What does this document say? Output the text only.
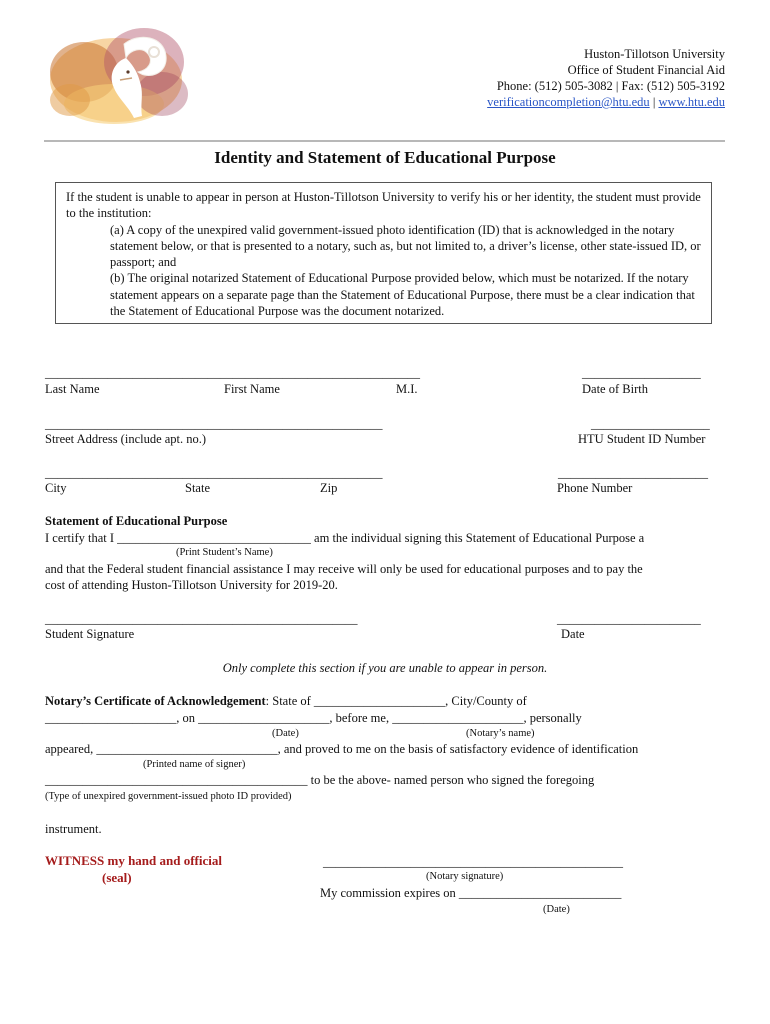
Huston-Tillotson University
Office of Student Financial Aid
Phone: (512) 505-3082 | Fax: (512) 505-3192
verificationcompletion@htu.edu | www.htu.edu
Identity and Statement of Educational Purpose
If the student is unable to appear in person at Huston-Tillotson University to verify his or her identity, the student must provide to the institution:
(a) A copy of the unexpired valid government-issued photo identification (ID) that is acknowledged in the notary statement below, or that is presented to a notary, such as, but not limited to, a driver’s license, other state-issued ID, or passport; and
(b) The original notarized Statement of Educational Purpose provided below, which must be notarized. If the notary statement appears on a separate page than the Statement of Educational Purpose, there must be a clear indication that the Statement of Educational Purpose was the document notarized.
____________________________________________________________	___________________
Last Name	First Name	M.I.	Date of Birth
______________________________________________________	___________________
Street Address (include apt. no.)	HTU Student ID Number
______________________________________________________	________________________
City	State	Zip	Phone Number
Statement of Educational Purpose
I certify that I _______________________________ am the individual signing this Statement of Educational Purpose a
(Print Student’s Name)
and that the Federal student financial assistance I may receive will only be used for educational purposes and to pay the
cost of attending Huston-Tillotson University for 2019-20.
__________________________________________________	_______________________
Student Signature	Date
Only complete this section if you are unable to appear in person.
Notary’s Certificate of Acknowledgement: State of _____________________, City/County of
_____________________, on _____________________, before me, _____________________, personally
(Date)	(Notary’s name)
appeared, _____________________________, and proved to me on the basis of satisfactory evidence of identification
(Printed name of signer)
__________________________________________ to be the above- named person who signed the foregoing
(Type of unexpired government-issued photo ID provided)
instrument.
WITNESS my hand and official
(seal)
________________________________________________
(Notary signature)
My commission expires on __________________________
(Date)
